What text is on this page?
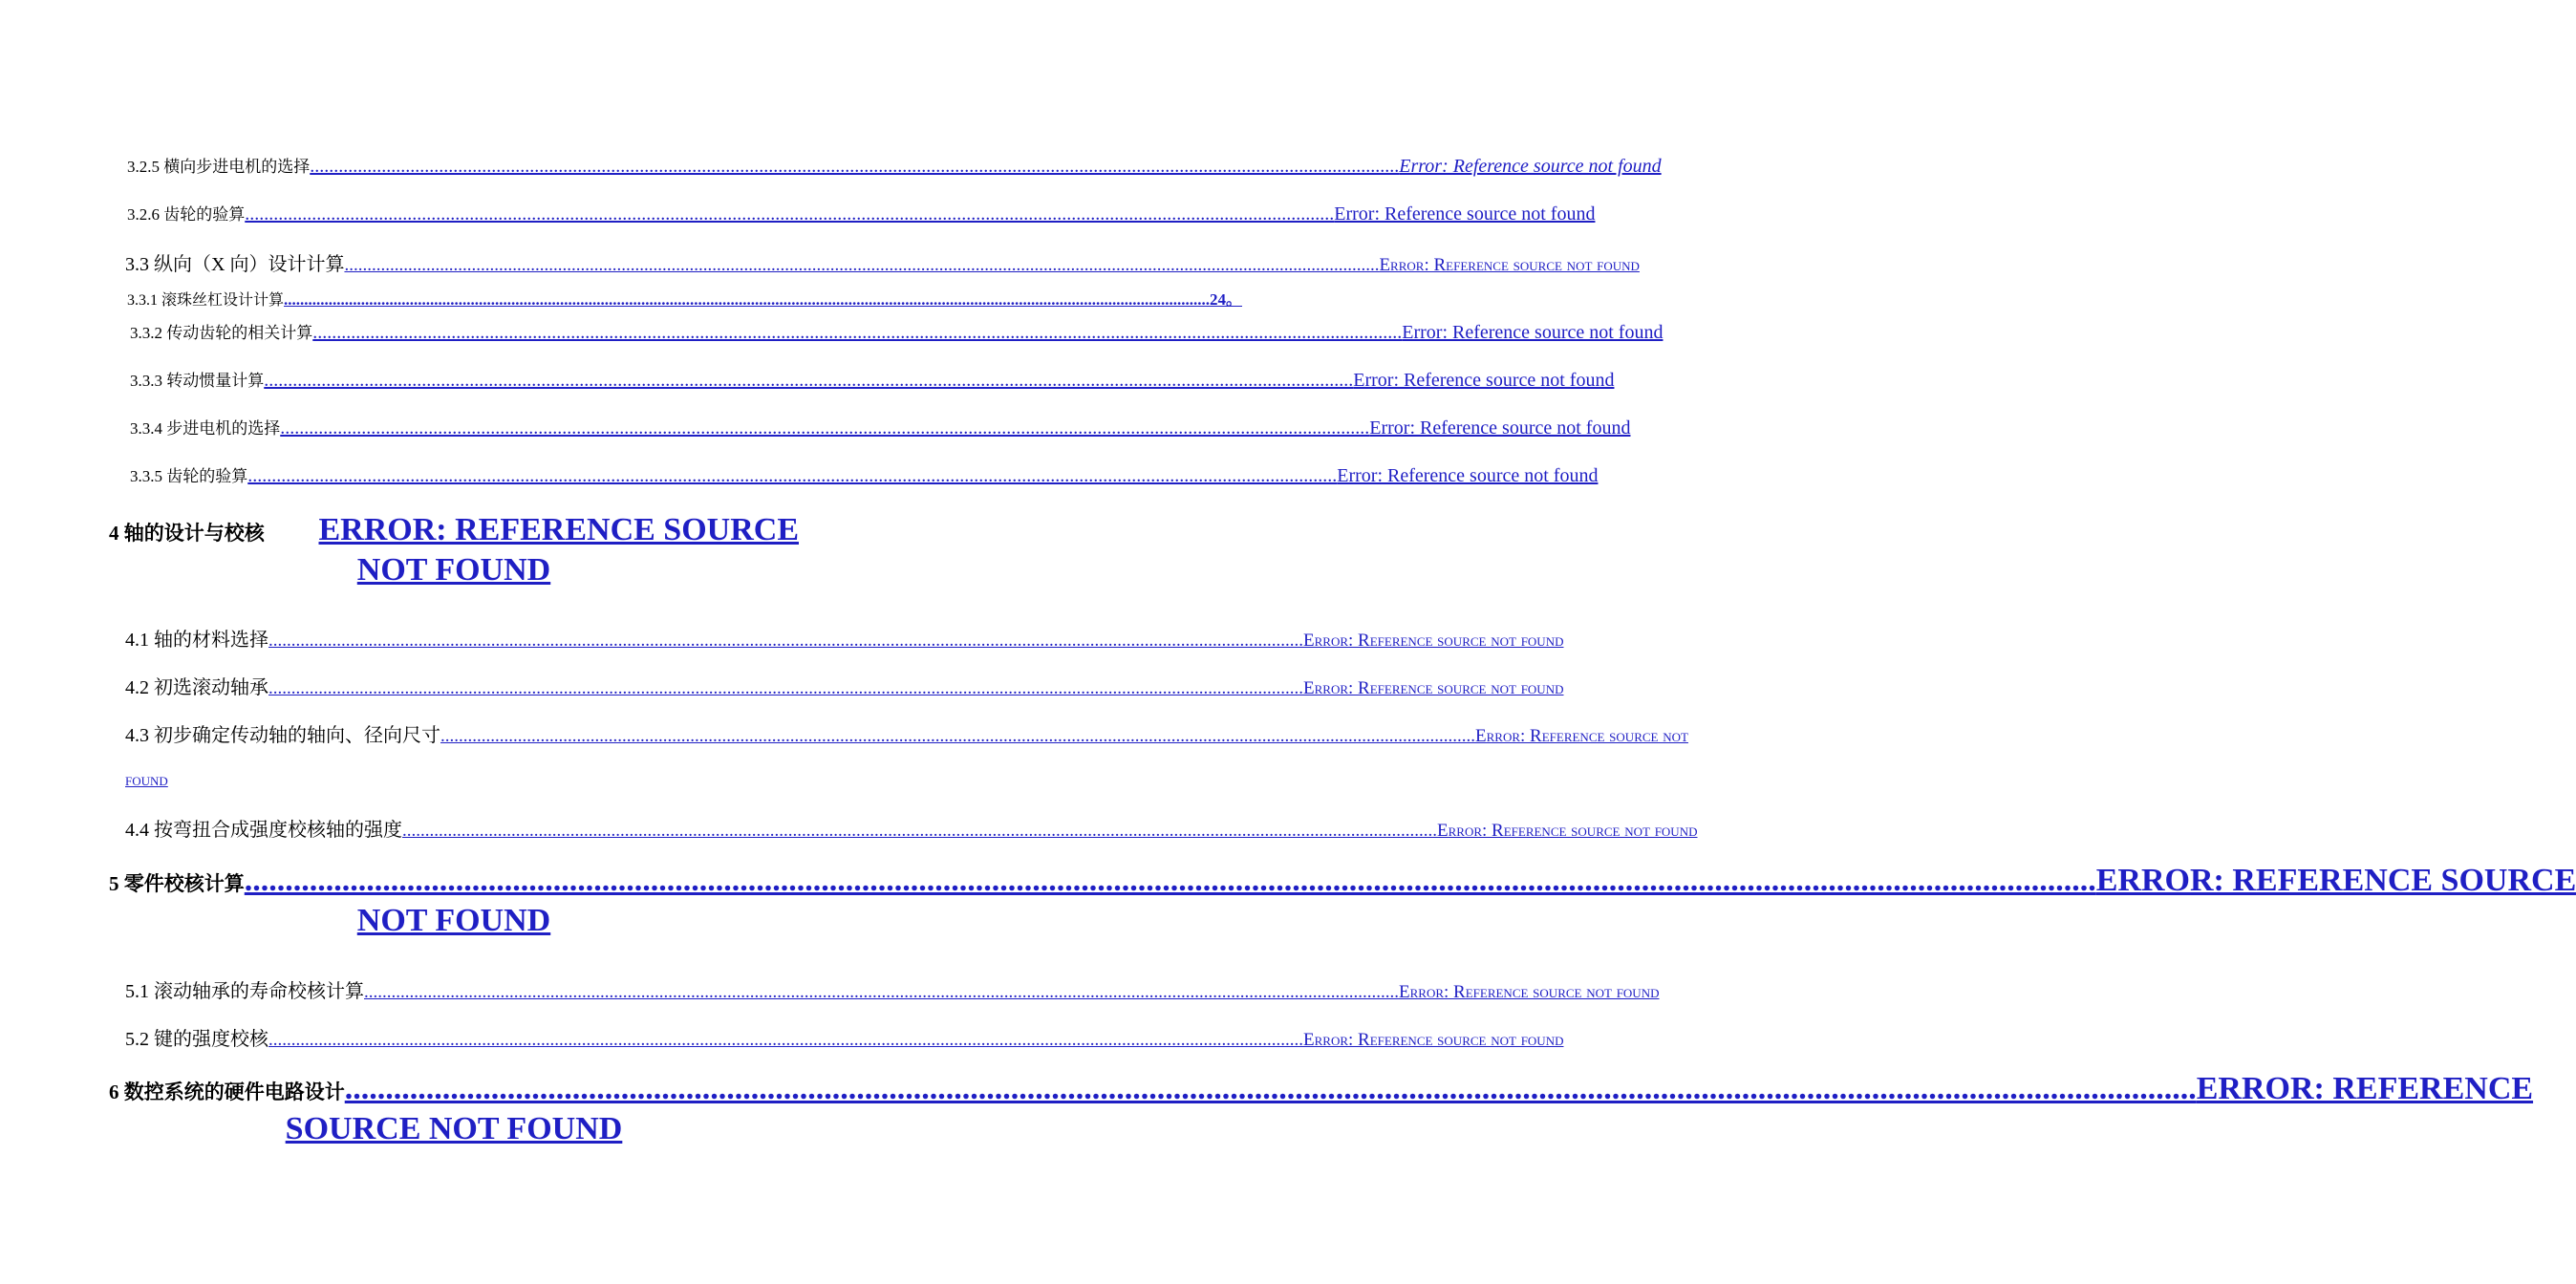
3.2.5 横向步进电机的选择 .................................................................................................................................................................................................................................... Error: Reference source not found
3.2.6 齿轮的验算 .................................................................................................................................................................................................................................... Error: Reference source not found
3.3 纵向（X 向）设计计算 .................................................................................................................................................................................................................................... Error: Reference source not found
3.3.1 滚珠丝杠设计计算 .................................................................................................................................................................................................................................... 24。
3.3.2 传动齿轮的相关计算 .................................................................................................................................................................................................................................... Error: Reference source not found
3.3.3 转动惯量计算 .................................................................................................................................................................................................................................... Error: Reference source not found
3.3.4 步进电机的选择 .................................................................................................................................................................................................................................... Error: Reference source not found
3.3.5 齿轮的验算 .................................................................................................................................................................................................................................... Error: Reference source not found
4 轴的设计与校核 ERROR: REFERENCE SOURCE
NOT FOUND
4.1 轴的材料选择 .................................................................................................................................................................................................................................... Error: Reference source not found
4.2 初选滚动轴承 .................................................................................................................................................................................................................................... Error: Reference source not found
4.3 初步确定传动轴的轴向、径向尺寸 .................................................................................................................................................................................................................................... Error: Reference source not
found
4.4 按弯扭合成强度校核轴的强度 .................................................................................................................................................................................................................................... Error: Reference source not found
5 零件校核计算 .................................................................................................................................................................................................................................... ERROR: REFERENCE SOURCE
NOT FOUND
5.1 滚动轴承的寿命校核计算 .................................................................................................................................................................................................................................... Error: Reference source not found
5.2 键的强度校核 .................................................................................................................................................................................................................................... Error: Reference source not found
6 数控系统的硬件电路设计 .................................................................................................................................................................................................................................... ERROR: REFERENCE
SOURCE NOT FOUND
